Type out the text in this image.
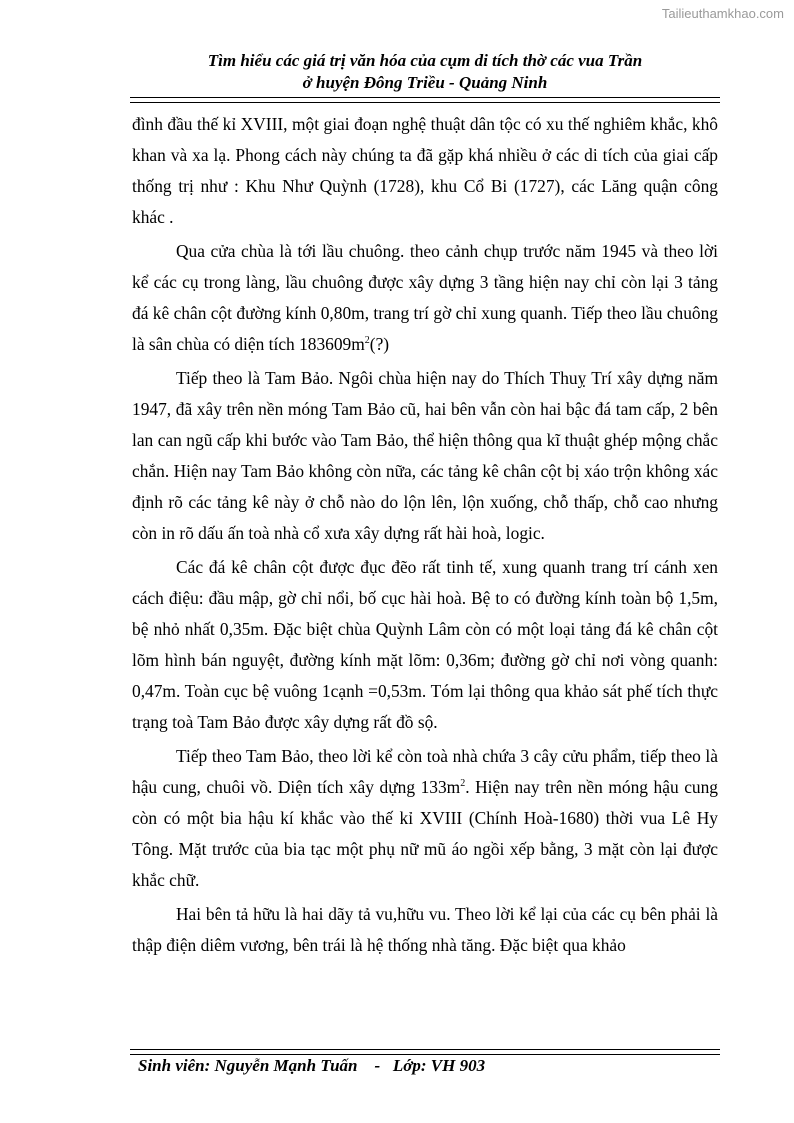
Tailieuthamkhao.com
Tìm hiểu các giá trị văn hóa của cụm di tích thờ các vua Trần
ở huyện Đông Triều - Quảng Ninh

đình đầu thế kỉ XVIII, một giai đoạn nghệ thuật dân tộc có xu thế nghiêm khắc, khô khan và xa lạ. Phong cách này chúng ta đã gặp khá nhiều ở các di tích của giai cấp thống trị như : Khu Như Quỳnh (1728), khu Cổ Bi (1727), các Lăng quận công khác .

Qua cửa chùa là tới lầu chuông. theo cảnh chụp trước năm 1945 và theo lời kể các cụ trong làng, lầu chuông được xây dựng 3 tầng hiện nay chỉ còn lại 3 tảng đá kê chân cột đường kính 0,80m, trang trí gờ chỉ xung quanh. Tiếp theo lầu chuông là sân chùa có diện tích $183609m^2(?)$

Tiếp theo là Tam Bảo. Ngôi chùa hiện nay do Thích Thuỵ Trí xây dựng năm 1947, đã xây trên nền móng Tam Bảo cũ, hai bên vẫn còn hai bậc đá tam cấp, 2 bên lan can ngũ cấp khi bước vào Tam Bảo, thể hiện thông qua kĩ thuật ghép mộng chắc chắn. Hiện nay Tam Bảo không còn nữa, các tảng kê chân cột bị xáo trộn không xác định rõ các tảng kê này ở chỗ nào do lộn lên, lộn xuống, chỗ thấp, chỗ cao nhưng còn in rõ dấu ấn toà nhà cổ xưa xây dựng rất hài hoà, logic.

Các đá kê chân cột được đục đẽo rất tinh tế, xung quanh trang trí cánh xen cách điệu: đầu mập, gờ chỉ nổi, bố cục hài hoà. Bệ to có đường kính toàn bộ 1,5m, bệ nhỏ nhất 0,35m. Đặc biệt chùa Quỳnh Lâm còn có một loại tảng đá kê chân cột lõm hình bán nguyệt, đường kính mặt lõm: 0,36m; đường gờ chỉ nơi vòng quanh: 0,47m. Toàn cục bệ vuông 1cạnh =0,53m. Tóm lại thông qua khảo sát phế tích thực trạng toà Tam Bảo được xây dựng rất đồ sộ.

Tiếp theo Tam Bảo, theo lời kể còn toà nhà chứa 3 cây cửu phẩm, tiếp theo là hậu cung, chuôi vồ. Diện tích xây dựng $133m^2$. Hiện nay trên nền móng hậu cung còn có một bia hậu kí khắc vào thế kỉ XVIII (Chính Hoà-1680) thời vua Lê Hy Tông. Mặt trước của bia tạc một phụ nữ mũ áo ngồi xếp bằng, 3 mặt còn lại được khắc chữ.

Hai bên tả hữu là hai dãy tả vu,hữu vu. Theo lời kể lại của các cụ bên phải là thập điện diêm vương, bên trái là hệ thống nhà tăng. Đặc biệt qua khảo

Sinh viên: Nguyễn Mạnh Tuấn    -   Lớp: VH 903
